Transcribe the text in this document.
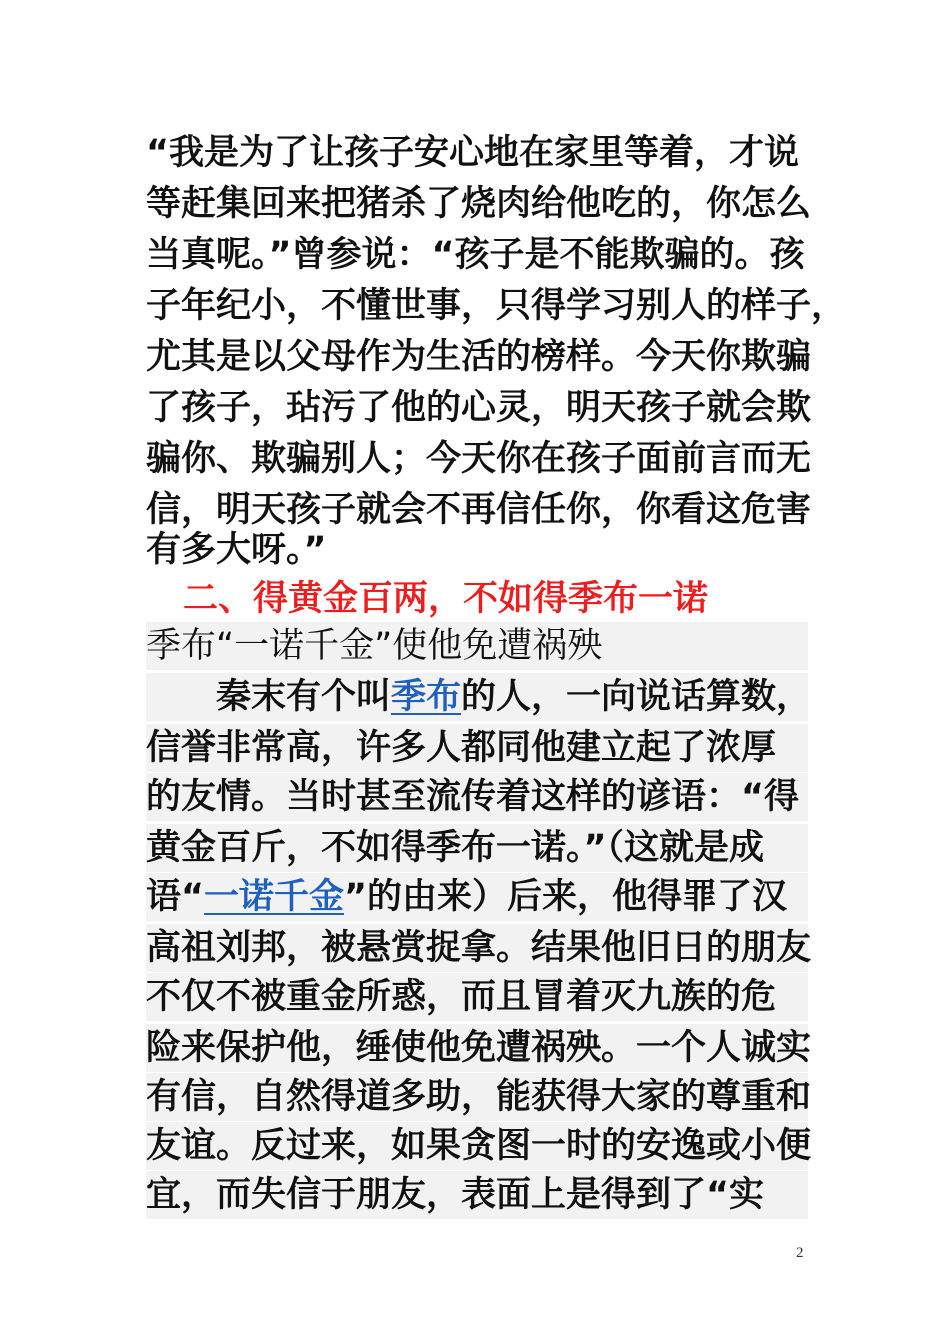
“我是为了让孩子安心地在家里等着，才说
等赶集回来把猪杀了烧肉给他吃的，你怎么
当真呢。”曾参说：“孩子是不能欺骗的。孩
子年纪小，不懂世事，只得学习别人的样子，
尤其是以父母作为生活的榜样。今天你欺骗
了孩子，玷污了他的心灵，明天孩子就会欺
骗你、欺骗别人；今天你在孩子面前言而无
信，明天孩子就会不再信任你，你看这危害
有多大呀。”
二、得黄金百两，不如得季布一诺
季布“一诺千金”使他免遭祸殃
秦末有个叫季布的人，一向说话算数，
信誉非常高，许多人都同他建立起了浓厚
的友情。当时甚至流传着这样的谚语：“得
黄金百斤，不如得季布一诺。”（这就是成
语“一诺千金”的由来）后来，他得罪了汉
高祖刘邦，被悬赏捉拿。结果他旧日的朋友
不仅不被重金所惑，而且冒着灭九族的危
险来保护他，缍使他免遭祸殃。一个人诚实
有信，自然得道多助，能获得大家的尊重和
友谊。反过来，如果贪图一时的安逸或小便
宜，而失信于朋友，表面上是得到了“实
2
